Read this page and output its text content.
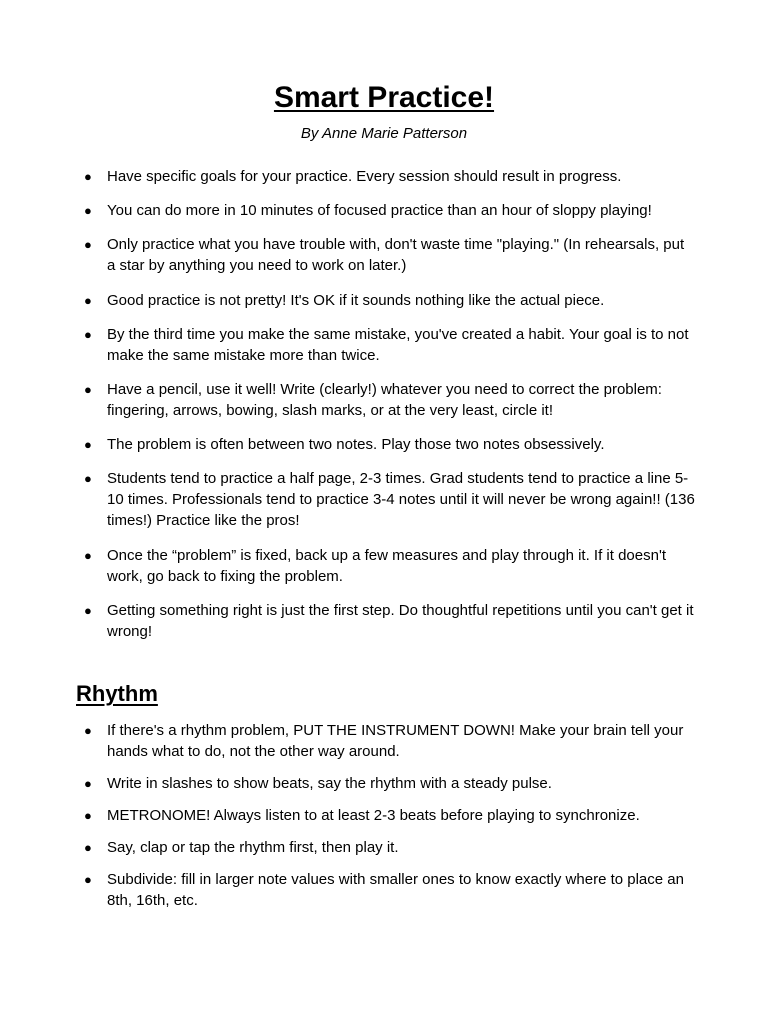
Smart Practice!

By Anne Marie Patterson

● Have specific goals for your practice. Every session should result in progress.
● You can do more in 10 minutes of focused practice than an hour of sloppy playing!
● Only practice what you have trouble with, don't waste time "playing." (In rehearsals, put a star by anything you need to work on later.)
● Good practice is not pretty! It's OK if it sounds nothing like the actual piece.
● By the third time you make the same mistake, you've created a habit. Your goal is to not make the same mistake more than twice.
● Have a pencil, use it well! Write (clearly!) whatever you need to correct the problem: fingering, arrows, bowing, slash marks, or at the very least, circle it!
● The problem is often between two notes. Play those two notes obsessively.
● Students tend to practice a half page, 2-3 times. Grad students tend to practice a line 5-10 times. Professionals tend to practice 3-4 notes until it will never be wrong again!! (136 times!) Practice like the pros!
● Once the “problem” is fixed, back up a few measures and play through it. If it doesn't work, go back to fixing the problem.
● Getting something right is just the first step. Do thoughtful repetitions until you can't get it wrong!
Rhythm
● If there's a rhythm problem, PUT THE INSTRUMENT DOWN! Make your brain tell your hands what to do, not the other way around.
● Write in slashes to show beats, say the rhythm with a steady pulse.
● METRONOME! Always listen to at least 2-3 beats before playing to synchronize.
● Say, clap or tap the rhythm first, then play it.
● Subdivide: fill in larger note values with smaller ones to know exactly where to place an 8th, 16th, etc.
